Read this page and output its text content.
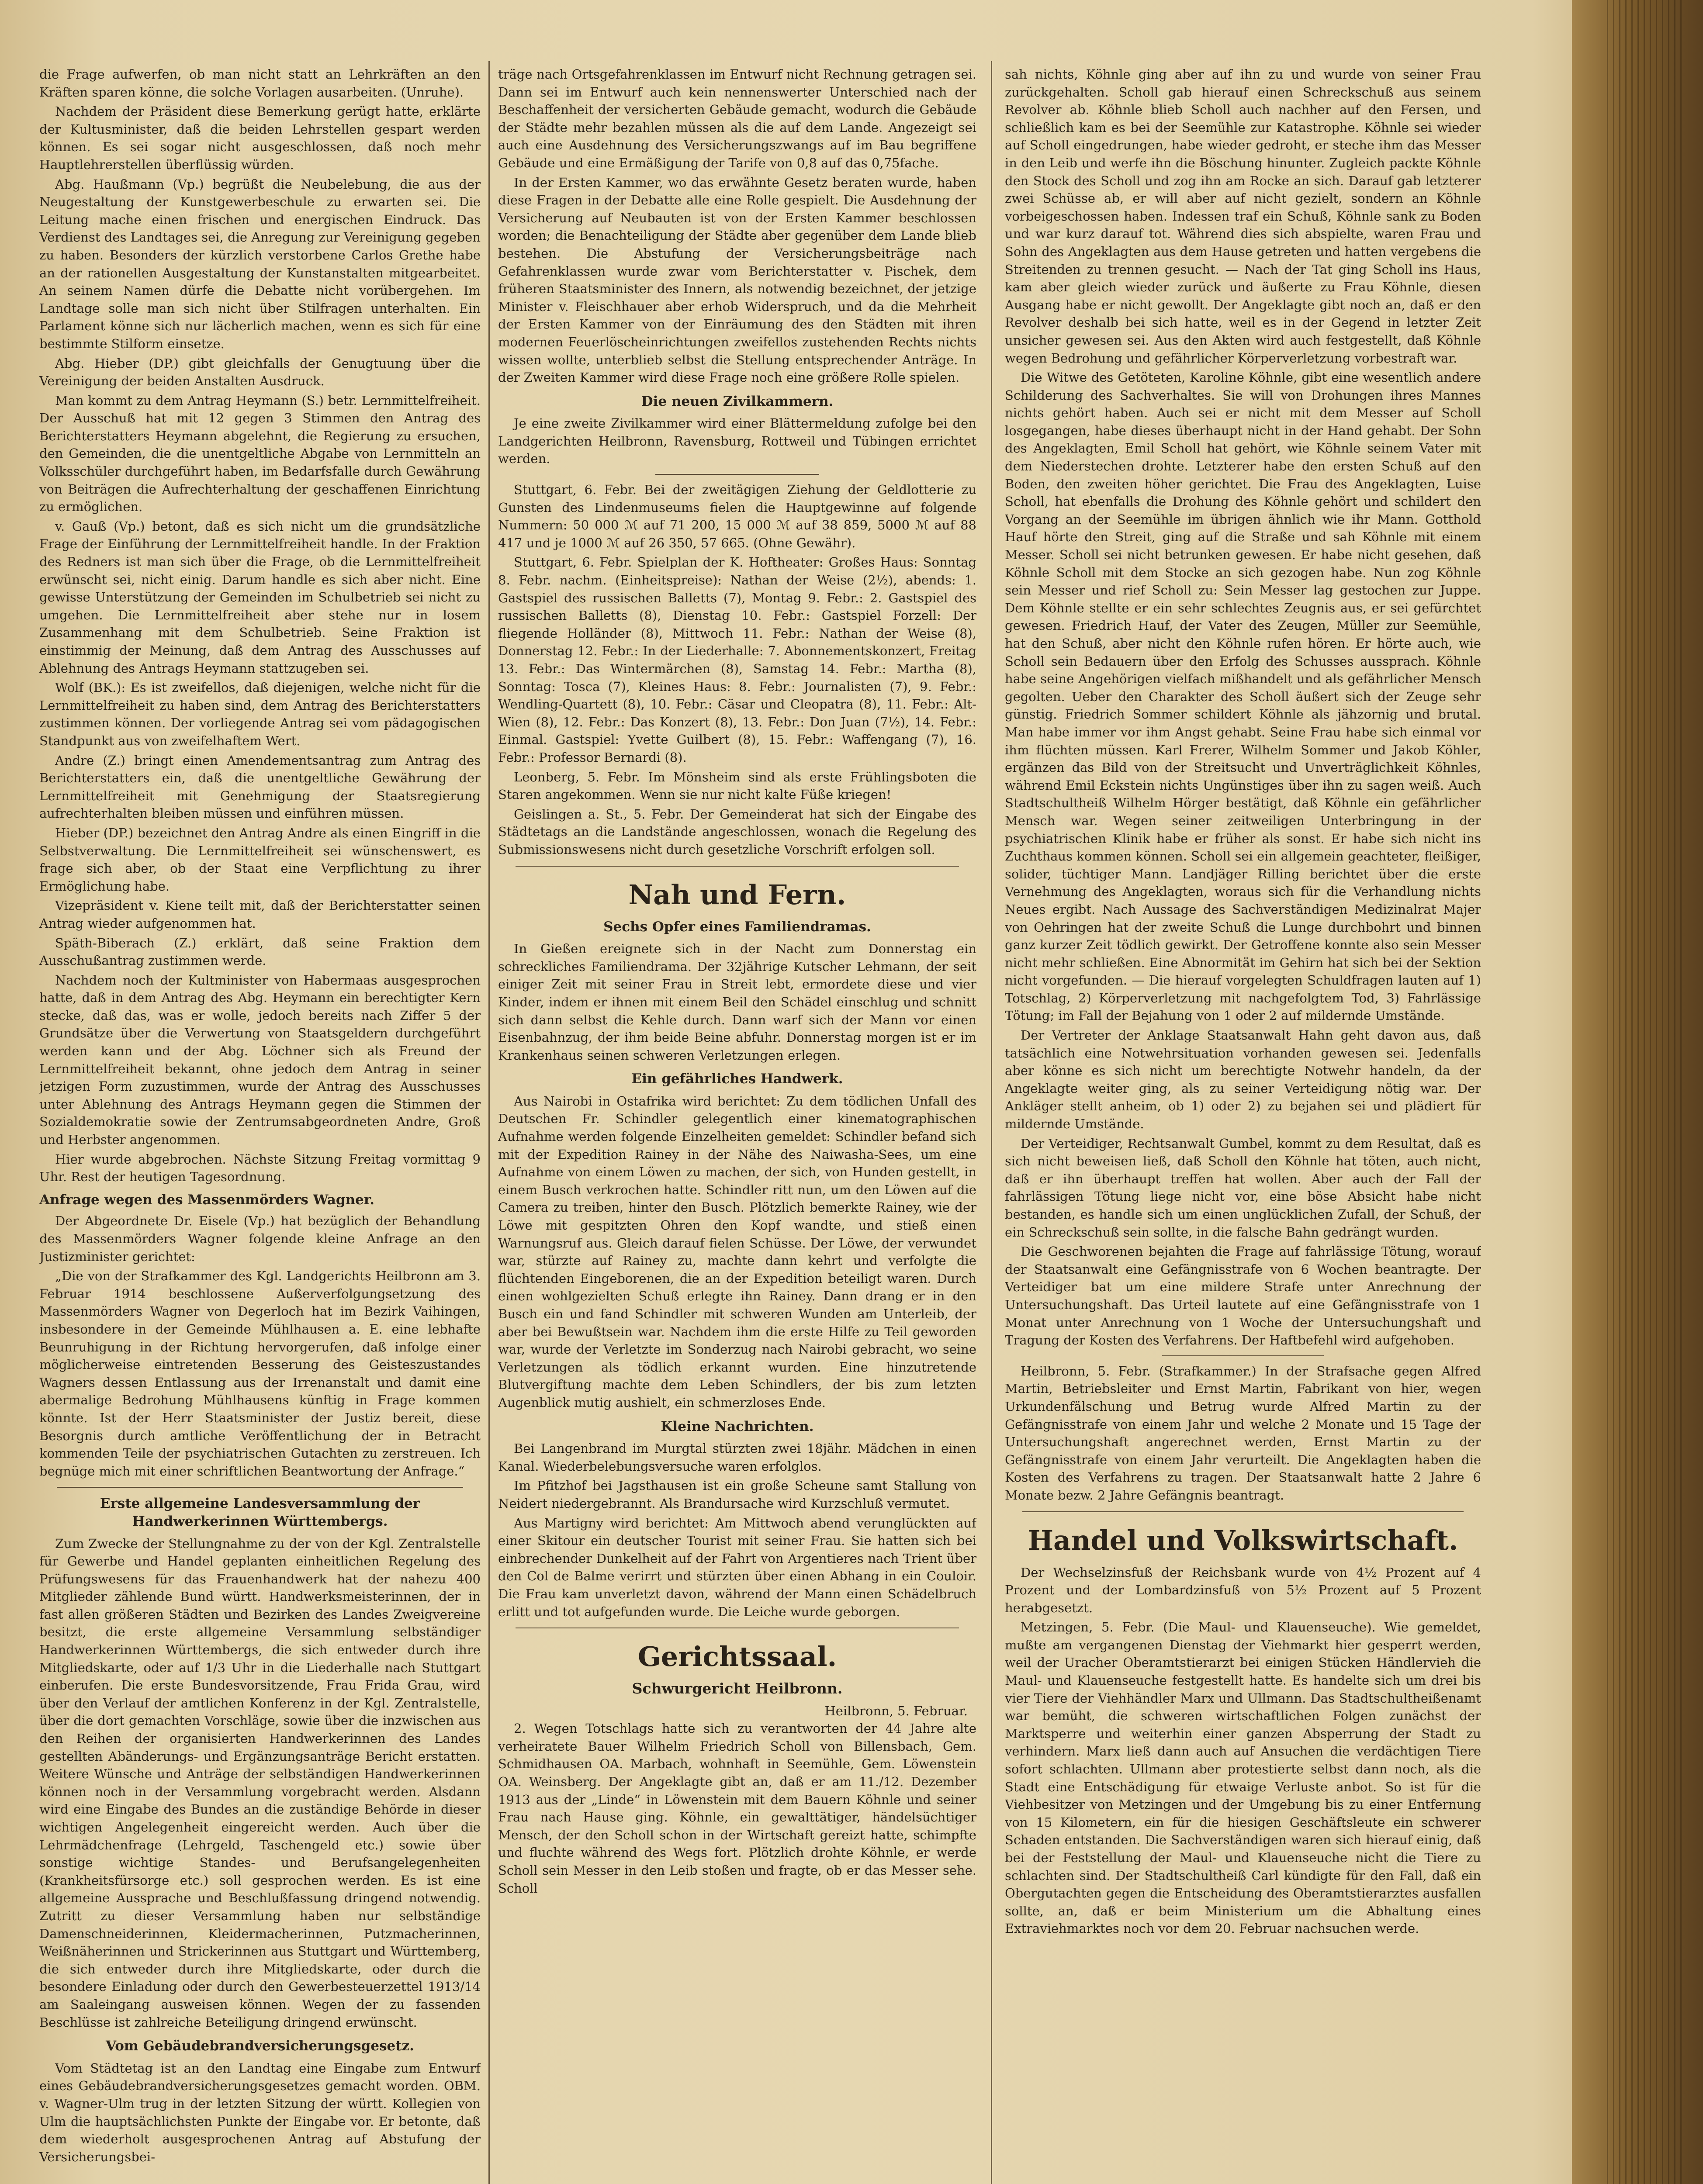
die Frage aufwerfen, ob man nicht statt an Lehrkräften an den Kräften sparen könne, die solche Vorlagen ausarbeiten. (Unruhe).

Nachdem der Präsident diese Bemerkung gerügt hatte, erklärte der Kultusminister, daß die beiden Lehrstellen gespart werden können. Es sei sogar nicht ausgeschlossen, daß noch mehr Hauptlehrerstellen überflüssig würden.

Abg. Haußmann (Vp.) begrüßt die Neubelebung, die aus der Neugestaltung der Kunstgewerbeschule zu erwarten sei. Die Leitung mache einen frischen und energischen Eindruck. Das Verdienst des Landtages sei, die Anregung zur Vereinigung gegeben zu haben. Besonders der kürzlich verstorbene Carlos Grethe habe an der rationellen Ausgestaltung der Kunstanstalten mitgearbeitet. An seinem Namen dürfe die Debatte nicht vorübergehen. Im Landtage solle man sich nicht über Stilfragen unterhalten. Ein Parlament könne sich nur lächerlich machen, wenn es sich für eine bestimmte Stilform einsetze.

Abg. Hieber (DP.) gibt gleichfalls der Genugtuung über die Vereinigung der beiden Anstalten Ausdruck.

Man kommt zu dem Antrag Heymann (S.) betr. Lernmittelfreiheit. Der Ausschuß hat mit 12 gegen 3 Stimmen den Antrag des Berichterstatters Heymann abgelehnt, die Regierung zu ersuchen, den Gemeinden, die die unentgeltliche Abgabe von Lernmitteln an Volksschüler durchgeführt haben, im Bedarfsfalle durch Gewährung von Beiträgen die Aufrechterhaltung der geschaffenen Einrichtung zu ermöglichen.

v. Gauß (Vp.) betont, daß es sich nicht um die grundsätzliche Frage der Einführung der Lernmittelfreiheit handle. In der Fraktion des Redners ist man sich über die Frage, ob die Lernmittelfreiheit erwünscht sei, nicht einig. Darum handle es sich aber nicht. Eine gewisse Unterstützung der Gemeinden im Schulbetrieb sei nicht zu umgehen. Die Lernmittelfreiheit aber stehe nur in losem Zusammenhang mit dem Schulbetrieb. Seine Fraktion ist einstimmig der Meinung, daß dem Antrag des Ausschusses auf Ablehnung des Antrags Heymann stattzugeben sei.

Wolf (BK.): Es ist zweifellos, daß diejenigen, welche nicht für die Lernmittelfreiheit zu haben sind, dem Antrag des Berichterstatters zustimmen können. Der vorliegende Antrag sei vom pädagogischen Standpunkt aus von zweifelhaftem Wert.

Andre (Z.) bringt einen Amendementsantrag zum Antrag des Berichterstatters ein, daß die unentgeltliche Gewährung der Lernmittelfreiheit mit Genehmigung der Staatsregierung aufrechterhalten bleiben müssen und einführen müssen.

Hieber (DP.) bezeichnet den Antrag Andre als einen Eingriff in die Selbstverwaltung. Die Lernmittelfreiheit sei wünschenswert, es frage sich aber, ob der Staat eine Verpflichtung zu ihrer Ermöglichung habe.

Vizepräsident v. Kiene teilt mit, daß der Berichterstatter seinen Antrag wieder aufgenommen hat.

Späth-Biberach (Z.) erklärt, daß seine Fraktion dem Ausschußantrag zustimmen werde.

Nachdem noch der Kultminister von Habermaas ausgesprochen hatte, daß in dem Antrag des Abg. Heymann ein berechtigter Kern stecke, daß das, was er wolle, jedoch bereits nach Ziffer 5 der Grundsätze über die Verwertung von Staatsgeldern durchgeführt werden kann und der Abg. Löchner sich als Freund der Lernmittelfreiheit bekannt, ohne jedoch dem Antrag in seiner jetzigen Form zuzustimmen, wurde der Antrag des Ausschusses unter Ablehnung des Antrags Heymann gegen die Stimmen der Sozialdemokratie sowie der Zentrumsabgeordneten Andre, Groß und Herbster angenommen.

Hier wurde abgebrochen. Nächste Sitzung Freitag vormittag 9 Uhr. Rest der heutigen Tagesordnung.

Anfrage wegen des Massenmörders Wagner.

Der Abgeordnete Dr. Eisele (Vp.) hat bezüglich der Behandlung des Massenmörders Wagner folgende kleine Anfrage an den Justizminister gerichtet:

„Die von der Strafkammer des Kgl. Landgerichts Heilbronn am 3. Februar 1914 beschlossene Außerverfolgungsetzung des Massenmörders Wagner von Degerloch hat im Bezirk Vaihingen, insbesondere in der Gemeinde Mühlhausen a. E. eine lebhafte Beunruhigung in der Richtung hervorgerufen, daß infolge einer möglicherweise eintretenden Besserung des Geisteszustandes Wagners dessen Entlassung aus der Irrenanstalt und damit eine abermalige Bedrohung Mühlhausens künftig in Frage kommen könnte. Ist der Herr Staatsminister der Justiz bereit, diese Besorgnis durch amtliche Veröffentlichung der in Betracht kommenden Teile der psychiatrischen Gutachten zu zerstreuen. Ich begnüge mich mit einer schriftlichen Beantwortung der Anfrage.“

Erste allgemeine Landesversammlung der Handwerkerinnen Württembergs.

Zum Zwecke der Stellungnahme zu der von der Kgl. Zentralstelle für Gewerbe und Handel geplanten einheitlichen Regelung des Prüfungswesens für das Frauenhandwerk hat der nahezu 400 Mitglieder zählende Bund württ. Handwerksmeisterinnen, der in fast allen größeren Städten und Bezirken des Landes Zweigvereine besitzt, die erste allgemeine Versammlung selbständiger Handwerkerinnen Württembergs, die sich entweder durch ihre Mitgliedskarte, oder auf 1/3 Uhr in die Liederhalle nach Stuttgart einberufen. Die erste Bundesvorsitzende, Frau Frida Grau, wird über den Verlauf der amtlichen Konferenz in der Kgl. Zentralstelle, über die dort gemachten Vorschläge, sowie über die inzwischen aus den Reihen der organisierten Handwerkerinnen des Landes gestellten Abänderungs- und Ergänzungsanträge Bericht erstatten. Weitere Wünsche und Anträge der selbständigen Handwerkerinnen können noch in der Versammlung vorgebracht werden. Alsdann wird eine Eingabe des Bundes an die zuständige Behörde in dieser wichtigen Angelegenheit eingereicht werden. Auch über die Lehrmädchenfrage (Lehrgeld, Taschengeld etc.) sowie über sonstige wichtige Standes- und Berufsangelegenheiten (Krankheitsfürsorge etc.) soll gesprochen werden. Es ist eine allgemeine Aussprache und Beschlußfassung dringend notwendig. Zutritt zu dieser Versammlung haben nur selbständige Damenschneiderinnen, Kleidermacherinnen, Putzmacherinnen, Weißnäherinnen und Strickerinnen aus Stuttgart und Württemberg, die sich entweder durch ihre Mitgliedskarte, oder durch die besondere Einladung oder durch den Gewerbesteuerzettel 1913/14 am Saaleingang ausweisen können. Wegen der zu fassenden Beschlüsse ist zahlreiche Beteiligung dringend erwünscht.

Vom Gebäudebrandversicherungsgesetz.

Vom Städtetag ist an den Landtag eine Eingabe zum Entwurf eines Gebäudebrandversicherungsgesetzes gemacht worden. OBM. v. Wagner-Ulm trug in der letzten Sitzung der württ. Kollegien von Ulm die hauptsächlichsten Punkte der Eingabe vor. Er betonte, daß dem wiederholt ausgesprochenen Antrag auf Abstufung der Versicherungsbei-

träge nach Ortsgefahrenklassen im Entwurf nicht Rechnung getragen sei. Dann sei im Entwurf auch kein nennenswerter Unterschied nach der Beschaffenheit der versicherten Gebäude gemacht, wodurch die Gebäude der Städte mehr bezahlen müssen als die auf dem Lande. Angezeigt sei auch eine Ausdehnung des Versicherungszwangs auf im Bau begriffene Gebäude und eine Ermäßigung der Tarife von 0,8 auf das 0,75fache.

In der Ersten Kammer, wo das erwähnte Gesetz beraten wurde, haben diese Fragen in der Debatte alle eine Rolle gespielt. Die Ausdehnung der Versicherung auf Neubauten ist von der Ersten Kammer beschlossen worden; die Benachteiligung der Städte aber gegenüber dem Lande blieb bestehen. Die Abstufung der Versicherungsbeiträge nach Gefahrenklassen wurde zwar vom Berichterstatter v. Pischek, dem früheren Staatsminister des Innern, als notwendig bezeichnet, der jetzige Minister v. Fleischhauer aber erhob Widerspruch, und da die Mehrheit der Ersten Kammer von der Einräumung des den Städten mit ihren modernen Feuerlöscheinrichtungen zweifellos zustehenden Rechts nichts wissen wollte, unterblieb selbst die Stellung entsprechender Anträge. In der Zweiten Kammer wird diese Frage noch eine größere Rolle spielen.

Die neuen Zivilkammern.

Je eine zweite Zivilkammer wird einer Blättermeldung zufolge bei den Landgerichten Heilbronn, Ravensburg, Rottweil und Tübingen errichtet werden.

Stuttgart, 6. Febr. Bei der zweitägigen Ziehung der Geldlotterie zu Gunsten des Lindenmuseums fielen die Hauptgewinne auf folgende Nummern: 50 000 ℳ auf 71 200, 15 000 ℳ auf 38 859, 5000 ℳ auf 88 417 und je 1000 ℳ auf 26 350, 57 665. (Ohne Gewähr).

Stuttgart, 6. Febr. Spielplan der K. Hoftheater: Großes Haus: Sonntag 8. Febr. nachm. (Einheitspreise): Nathan der Weise (2½), abends: 1. Gastspiel des russischen Balletts (7), Montag 9. Febr.: 2. Gastspiel des russischen Balletts (8), Dienstag 10. Febr.: Gastspiel Forzell: Der fliegende Holländer (8), Mittwoch 11. Febr.: Nathan der Weise (8), Donnerstag 12. Febr.: In der Liederhalle: 7. Abonnementskonzert, Freitag 13. Febr.: Das Wintermärchen (8), Samstag 14. Febr.: Martha (8), Sonntag: Tosca (7), Kleines Haus: 8. Febr.: Journalisten (7), 9. Febr.: Wendling-Quartett (8), 10. Febr.: Cäsar und Cleopatra (8), 11. Febr.: Alt-Wien (8), 12. Febr.: Das Konzert (8), 13. Febr.: Don Juan (7½), 14. Febr.: Einmal. Gastspiel: Yvette Guilbert (8), 15. Febr.: Waffengang (7), 16. Febr.: Professor Bernardi (8).

Leonberg, 5. Febr. Im Mönsheim sind als erste Frühlingsboten die Staren angekommen. Wenn sie nur nicht kalte Füße kriegen!

Geislingen a. St., 5. Febr. Der Gemeinderat hat sich der Eingabe des Städtetags an die Landstände angeschlossen, wonach die Regelung des Submissionswesens nicht durch gesetzliche Vorschrift erfolgen soll.

Nah und Fern.
Sechs Opfer eines Familiendramas.

In Gießen ereignete sich in der Nacht zum Donnerstag ein schreckliches Familiendrama. Der 32jährige Kutscher Lehmann, der seit einiger Zeit mit seiner Frau in Streit lebt, ermordete diese und vier Kinder, indem er ihnen mit einem Beil den Schädel einschlug und schnitt sich dann selbst die Kehle durch. Dann warf sich der Mann vor einen Eisenbahnzug, der ihm beide Beine abfuhr. Donnerstag morgen ist er im Krankenhaus seinen schweren Verletzungen erlegen.

Ein gefährliches Handwerk.

Aus Nairobi in Ostafrika wird berichtet: Zu dem tödlichen Unfall des Deutschen Fr. Schindler gelegentlich einer kinematographischen Aufnahme werden folgende Einzelheiten gemeldet: Schindler befand sich mit der Expedition Rainey in der Nähe des Naiwasha-Sees, um eine Aufnahme von einem Löwen zu machen, der sich, von Hunden gestellt, in einem Busch verkrochen hatte. Schindler ritt nun, um den Löwen auf die Camera zu treiben, hinter den Busch. Plötzlich bemerkte Rainey, wie der Löwe mit gespitzten Ohren den Kopf wandte, und stieß einen Warnungsruf aus. Gleich darauf fielen Schüsse. Der Löwe, der verwundet war, stürzte auf Rainey zu, machte dann kehrt und verfolgte die flüchtenden Eingeborenen, die an der Expedition beteiligt waren. Durch einen wohlgezielten Schuß erlegte ihn Rainey. Dann drang er in den Busch ein und fand Schindler mit schweren Wunden am Unterleib, der aber bei Bewußtsein war. Nachdem ihm die erste Hilfe zu Teil geworden war, wurde der Verletzte im Sonderzug nach Nairobi gebracht, wo seine Verletzungen als tödlich erkannt wurden. Eine hinzutretende Blutvergiftung machte dem Leben Schindlers, der bis zum letzten Augenblick mutig aushielt, ein schmerzloses Ende.

Kleine Nachrichten.

Bei Langenbrand im Murgtal stürzten zwei 18jähr. Mädchen in einen Kanal. Wiederbelebungsversuche waren erfolglos.

Im Pfitzhof bei Jagsthausen ist ein große Scheune samt Stallung von Neidert niedergebrannt. Als Brandursache wird Kurzschluß vermutet.

Aus Martigny wird berichtet: Am Mittwoch abend verunglückten auf einer Skitour ein deutscher Tourist mit seiner Frau. Sie hatten sich bei einbrechender Dunkelheit auf der Fahrt von Argentieres nach Trient über den Col de Balme verirrt und stürzten über einen Abhang in ein Couloir. Die Frau kam unverletzt davon, während der Mann einen Schädelbruch erlitt und tot aufgefunden wurde. Die Leiche wurde geborgen.

Gerichtssaal.
Schwurgericht Heilbronn.
Heilbronn, 5. Februar.

2. Wegen Totschlags hatte sich zu verantworten der 44 Jahre alte verheiratete Bauer Wilhelm Friedrich Scholl von Billensbach, Gem. Schmidhausen OA. Marbach, wohnhaft in Seemühle, Gem. Löwenstein OA. Weinsberg. Der Angeklagte gibt an, daß er am 11./12. Dezember 1913 aus der „Linde“ in Löwenstein mit dem Bauern Köhnle und seiner Frau nach Hause ging. Köhnle, ein gewalttätiger, händelsüchtiger Mensch, der den Scholl schon in der Wirtschaft gereizt hatte, schimpfte und fluchte während des Wegs fort. Plötzlich drohte Köhnle, er werde Scholl sein Messer in den Leib stoßen und fragte, ob er das Messer sehe. Scholl

sah nichts, Köhnle ging aber auf ihn zu und wurde von seiner Frau zurückgehalten. Scholl gab hierauf einen Schreckschuß aus seinem Revolver ab. Köhnle blieb Scholl auch nachher auf den Fersen, und schließlich kam es bei der Seemühle zur Katastrophe. Köhnle sei wieder auf Scholl eingedrungen, habe wieder gedroht, er steche ihm das Messer in den Leib und werfe ihn die Böschung hinunter. Zugleich packte Köhnle den Stock des Scholl und zog ihn am Rocke an sich. Darauf gab letzterer zwei Schüsse ab, er will aber auf nicht gezielt, sondern an Köhnle vorbeigeschossen haben. Indessen traf ein Schuß, Köhnle sank zu Boden und war kurz darauf tot. Während dies sich abspielte, waren Frau und Sohn des Angeklagten aus dem Hause getreten und hatten vergebens die Streitenden zu trennen gesucht. — Nach der Tat ging Scholl ins Haus, kam aber gleich wieder zurück und äußerte zu Frau Köhnle, diesen Ausgang habe er nicht gewollt. Der Angeklagte gibt noch an, daß er den Revolver deshalb bei sich hatte, weil es in der Gegend in letzter Zeit unsicher gewesen sei. Aus den Akten wird auch festgestellt, daß Köhnle wegen Bedrohung und gefährlicher Körperverletzung vorbestraft war.

Die Witwe des Getöteten, Karoline Köhnle, gibt eine wesentlich andere Schilderung des Sachverhaltes. Sie will von Drohungen ihres Mannes nichts gehört haben. Auch sei er nicht mit dem Messer auf Scholl losgegangen, habe dieses überhaupt nicht in der Hand gehabt. Der Sohn des Angeklagten, Emil Scholl hat gehört, wie Köhnle seinem Vater mit dem Niederstechen drohte. Letzterer habe den ersten Schuß auf den Boden, den zweiten höher gerichtet. Die Frau des Angeklagten, Luise Scholl, hat ebenfalls die Drohung des Köhnle gehört und schildert den Vorgang an der Seemühle im übrigen ähnlich wie ihr Mann. Gotthold Hauf hörte den Streit, ging auf die Straße und sah Köhnle mit einem Messer. Scholl sei nicht betrunken gewesen. Er habe nicht gesehen, daß Köhnle Scholl mit dem Stocke an sich gezogen habe. Nun zog Köhnle sein Messer und rief Scholl zu: Sein Messer lag gestochen zur Juppe. Dem Köhnle stellte er ein sehr schlechtes Zeugnis aus, er sei gefürchtet gewesen. Friedrich Hauf, der Vater des Zeugen, Müller zur Seemühle, hat den Schuß, aber nicht den Köhnle rufen hören. Er hörte auch, wie Scholl sein Bedauern über den Erfolg des Schusses aussprach. Köhnle habe seine Angehörigen vielfach mißhandelt und als gefährlicher Mensch gegolten. Ueber den Charakter des Scholl äußert sich der Zeuge sehr günstig. Friedrich Sommer schildert Köhnle als jähzornig und brutal. Man habe immer vor ihm Angst gehabt. Seine Frau habe sich einmal vor ihm flüchten müssen. Karl Frerer, Wilhelm Sommer und Jakob Köhler, ergänzen das Bild von der Streitsucht und Unverträglichkeit Köhnles, während Emil Eckstein nichts Ungünstiges über ihn zu sagen weiß. Auch Stadtschultheiß Wilhelm Hörger bestätigt, daß Köhnle ein gefährlicher Mensch war. Wegen seiner zeitweiligen Unterbringung in der psychiatrischen Klinik habe er früher als sonst. Er habe sich nicht ins Zuchthaus kommen können. Scholl sei ein allgemein geachteter, fleißiger, solider, tüchtiger Mann. Landjäger Rilling berichtet über die erste Vernehmung des Angeklagten, woraus sich für die Verhandlung nichts Neues ergibt. Nach Aussage des Sachverständigen Medizinalrat Majer von Oehringen hat der zweite Schuß die Lunge durchbohrt und binnen ganz kurzer Zeit tödlich gewirkt. Der Getroffene konnte also sein Messer nicht mehr schließen. Eine Abnormität im Gehirn hat sich bei der Sektion nicht vorgefunden. — Die hierauf vorgelegten Schuldfragen lauten auf 1) Totschlag, 2) Körperverletzung mit nachgefolgtem Tod, 3) Fahrlässige Tötung; im Fall der Bejahung von 1 oder 2 auf mildernde Umstände.

Der Vertreter der Anklage Staatsanwalt Hahn geht davon aus, daß tatsächlich eine Notwehrsituation vorhanden gewesen sei. Jedenfalls aber könne es sich nicht um berechtigte Notwehr handeln, da der Angeklagte weiter ging, als zu seiner Verteidigung nötig war. Der Ankläger stellt anheim, ob 1) oder 2) zu bejahen sei und plädiert für mildernde Umstände.

Der Verteidiger, Rechtsanwalt Gumbel, kommt zu dem Resultat, daß es sich nicht beweisen ließ, daß Scholl den Köhnle hat töten, auch nicht, daß er ihn überhaupt treffen hat wollen. Aber auch der Fall der fahrlässigen Tötung liege nicht vor, eine böse Absicht habe nicht bestanden, es handle sich um einen unglücklichen Zufall, der Schuß, der ein Schreckschuß sein sollte, in die falsche Bahn gedrängt wurden.

Die Geschworenen bejahten die Frage auf fahrlässige Tötung, worauf der Staatsanwalt eine Gefängnisstrafe von 6 Wochen beantragte. Der Verteidiger bat um eine mildere Strafe unter Anrechnung der Untersuchungshaft. Das Urteil lautete auf eine Gefängnisstrafe von 1 Monat unter Anrechnung von 1 Woche der Untersuchungshaft und Tragung der Kosten des Verfahrens. Der Haftbefehl wird aufgehoben.

Heilbronn, 5. Febr. (Strafkammer.) In der Strafsache gegen Alfred Martin, Betriebsleiter und Ernst Martin, Fabrikant von hier, wegen Urkundenfälschung und Betrug wurde Alfred Martin zu der Gefängnisstrafe von einem Jahr und welche 2 Monate und 15 Tage der Untersuchungshaft angerechnet werden, Ernst Martin zu der Gefängnisstrafe von einem Jahr verurteilt. Die Angeklagten haben die Kosten des Verfahrens zu tragen. Der Staatsanwalt hatte 2 Jahre 6 Monate bezw. 2 Jahre Gefängnis beantragt.

Handel und Volkswirtschaft.

Der Wechselzinsfuß der Reichsbank wurde von 4½ Prozent auf 4 Prozent und der Lombardzinsfuß von 5½ Prozent auf 5 Prozent herabgesetzt.

Metzingen, 5. Febr. (Die Maul- und Klauenseuche). Wie gemeldet, mußte am vergangenen Dienstag der Viehmarkt hier gesperrt werden, weil der Uracher Oberamtstierarzt bei einigen Stücken Händlervieh die Maul- und Klauenseuche festgestellt hatte. Es handelte sich um drei bis vier Tiere der Viehhändler Marx und Ullmann. Das Stadtschultheißenamt war bemüht, die schweren wirtschaftlichen Folgen zunächst der Marktsperre und weiterhin einer ganzen Absperrung der Stadt zu verhindern. Marx ließ dann auch auf Ansuchen die verdächtigen Tiere sofort schlachten. Ullmann aber protestierte selbst dann noch, als die Stadt eine Entschädigung für etwaige Verluste anbot. So ist für die Viehbesitzer von Metzingen und der Umgebung bis zu einer Entfernung von 15 Kilometern, ein für die hiesigen Geschäftsleute ein schwerer Schaden entstanden. Die Sachverständigen waren sich hierauf einig, daß bei der Feststellung der Maul- und Klauenseuche nicht die Tiere zu schlachten sind. Der Stadtschultheiß Carl kündigte für den Fall, daß ein Obergutachten gegen die Entscheidung des Oberamtstierarztes ausfallen sollte, an, daß er beim Ministerium um die Abhaltung eines Extraviehmarktes noch vor dem 20. Februar nachsuchen werde.
